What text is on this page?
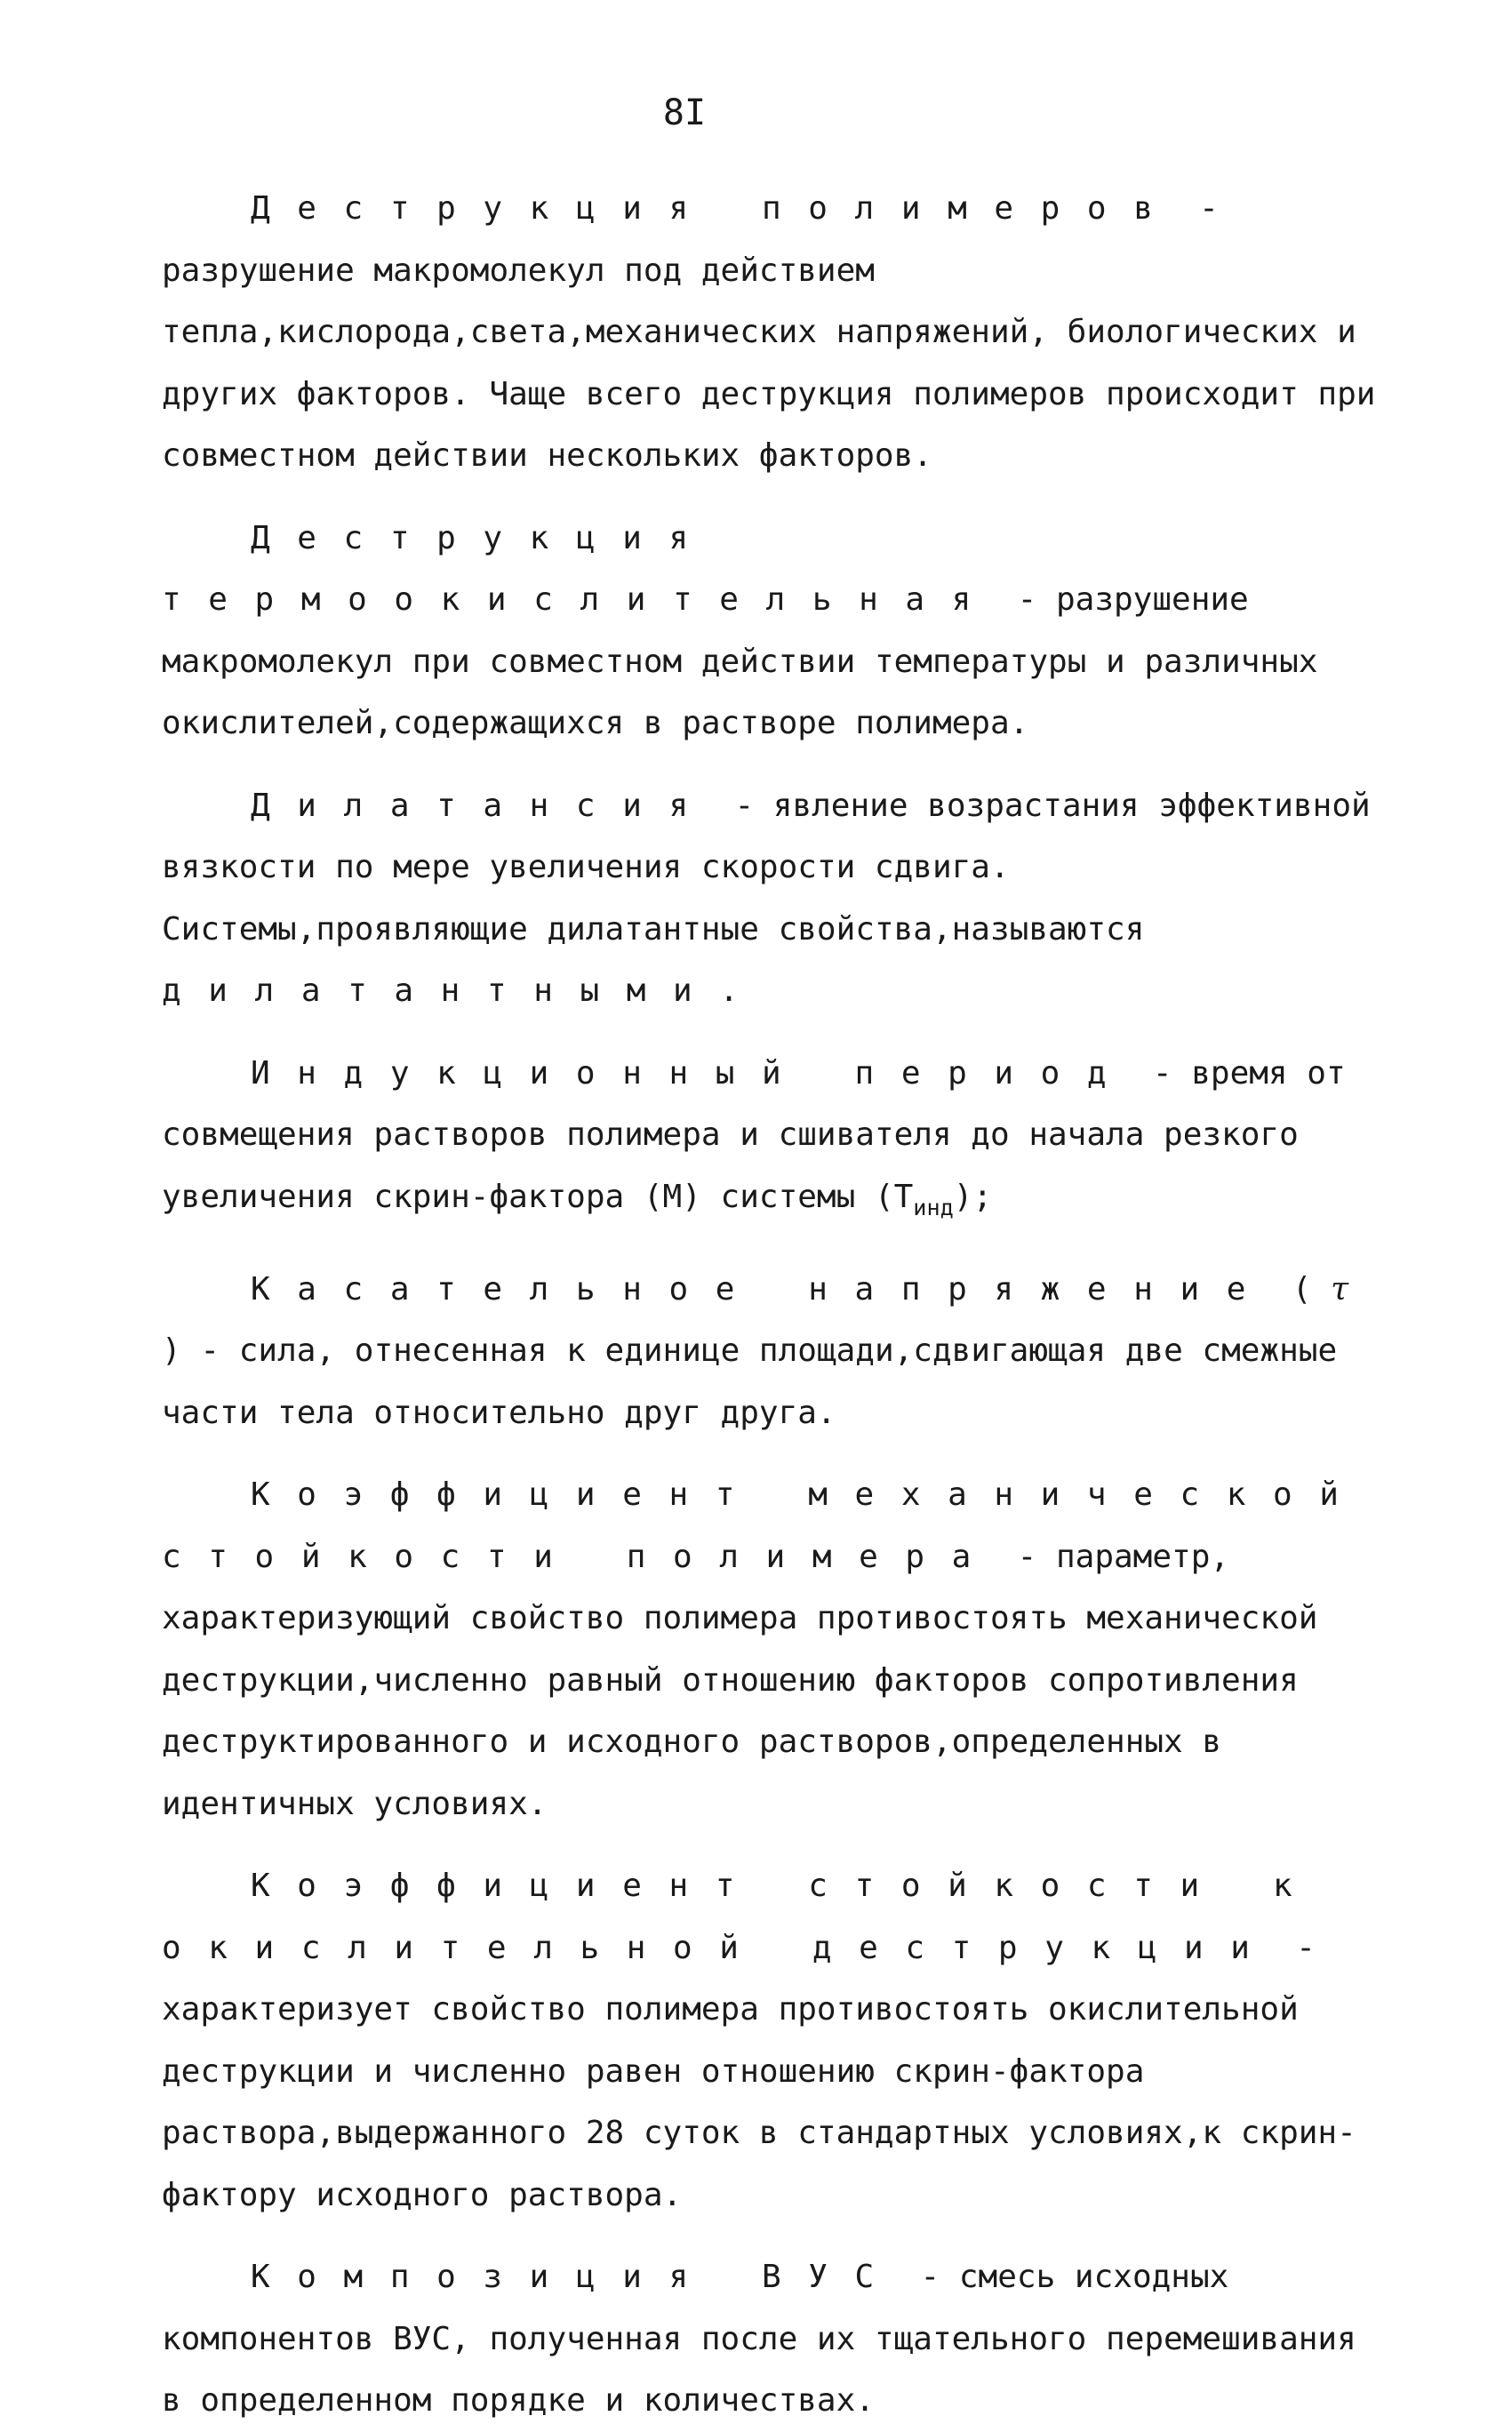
8I

Деструкция полимеров - разрушение макромолекул под действием тепла,кислорода,света,механических напряжений, биологических и других факторов. Чаще всего деструкция полимеров происходит при совместном действии нескольких факторов.

Деструкция термоокислительная - разрушение макромолекул при совместном действии температуры и различных окислителей,содержащихся в растворе полимера.

Дилатансия - явление возрастания эффективной вязкости по мере увеличения скорости сдвига. Системы,проявляющие дилатантные свойства,называются дилатантными.

Индукционный период - время от совмещения растворов полимера и сшивателя до начала резкого увеличения скрин-фактора (М) системы $(Т_{инд})$;

Касательное напряжение ( τ ) - сила, отнесенная к единице площади,сдвигающая две смежные части тела относительно друг друга.

Коэффициент механической стойкости полимера - параметр, характеризующий свойство полимера противостоять механической деструкции,численно равный отношению факторов сопротивления деструктированного и исходного растворов,определенных в идентичных условиях.

Коэффициент стойкости к окислительной деструкции - характеризует свойство полимера противостоять окислительной деструкции и численно равен отношению скрин-фактора раствора,выдержанного 28 суток в стандартных условиях,к скрин-фактору исходного раствора.

Композиция ВУС - смесь исходных компонентов ВУС, полученная после их тщательного перемешивания в определенном порядке и количествах.
